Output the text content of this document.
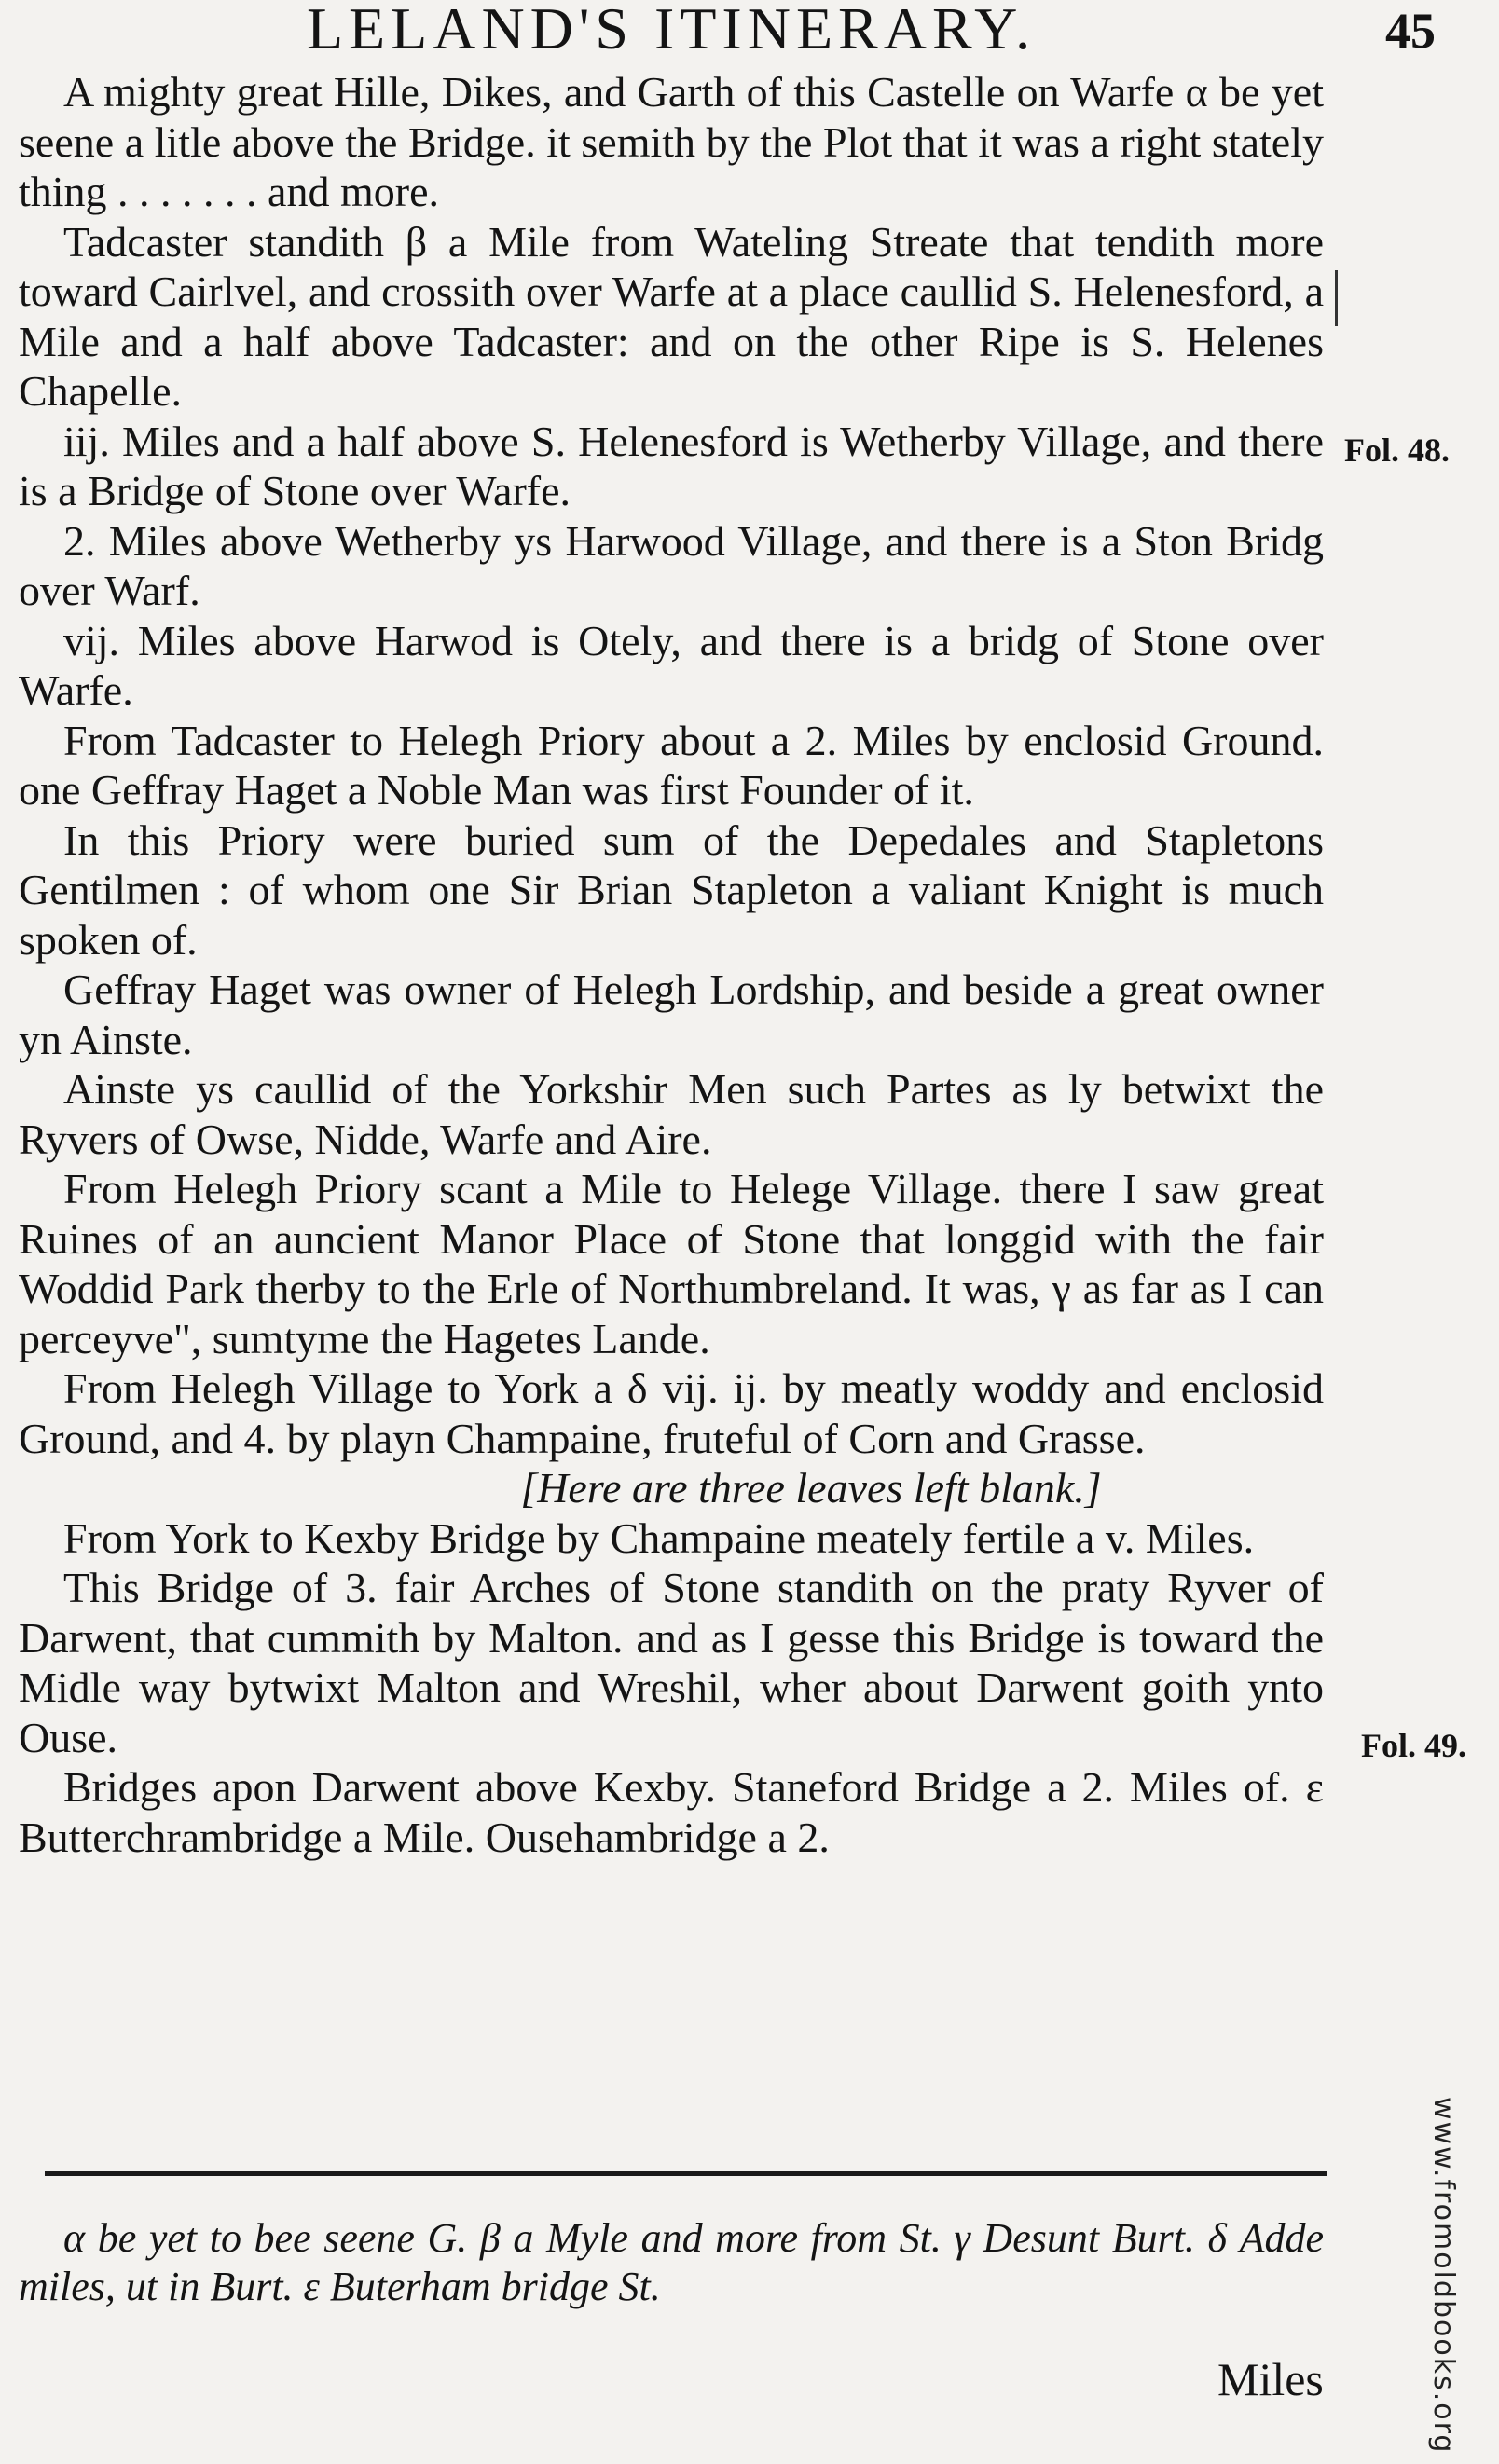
LELAND'S ITINERARY.	45

A mighty great Hille, Dikes, and Garth of this Castelle on Warfe α be yet seene a litle above the Bridge. it semith by the Plot that it was a right stately thing . . . . . . . and more.

Tadcaster standith β a Mile from Wateling Streate that tendith more toward Cairlvel, and crossith over Warfe at a place caullid S. Helenesford, a Mile and a half above Tadcaster: and on the other Ripe is S. Helenes Chapelle.

iij. Miles and a half above S. Helenesford is Wetherby Village, and there is a Bridge of Stone over Warfe.

2. Miles above Wetherby ys Harwood Village, and there is a Ston Bridg over Warf.

vij. Miles above Harwod is Otely, and there is a bridg of Stone over Warfe.

From Tadcaster to Helegh Priory about a 2. Miles by enclosid Ground. one Geffray Haget a Noble Man was first Founder of it.

In this Priory were buried sum of the Depedales and Stapletons Gentilmen : of whom one Sir Brian Stapleton a valiant Knight is much spoken of.

Geffray Haget was owner of Helegh Lordship, and beside a great owner yn Ainste.

Ainste ys caullid of the Yorkshir Men such Partes as ly betwixt the Ryvers of Owse, Nidde, Warfe and Aire.

From Helegh Priory scant a Mile to Helege Village. there I saw great Ruines of an auncient Manor Place of Stone that longgid with the fair Woddid Park therby to the Erle of Northumbreland. It was, γ as far as I can perceyve", sumtyme the Hagetes Lande.

From Helegh Village to York a δ vij. ij. by meatly woddy and enclosid Ground, and 4. by playn Champaine, fruteful of Corn and Grasse.

[Here are three leaves left blank.]

From York to Kexby Bridge by Champaine meately fertile a v. Miles.

This Bridge of 3. fair Arches of Stone standith on the praty Ryver of Darwent, that cummith by Malton. and as I gesse this Bridge is toward the Midle way bytwixt Malton and Wreshil, wher about Darwent goith ynto Ouse.

Bridges apon Darwent above Kexby. Staneford Bridge a 2. Miles of. ε Butterchrambridge a Mile. Ousehambridge a 2.

Fol. 48.
Fol. 49.

α be yet to bee seene G. β a Myle and more from St. γ Desunt Burt. δ Adde miles, ut in Burt. ε Buterham bridge St.

Miles	www.fromoldbooks.org
